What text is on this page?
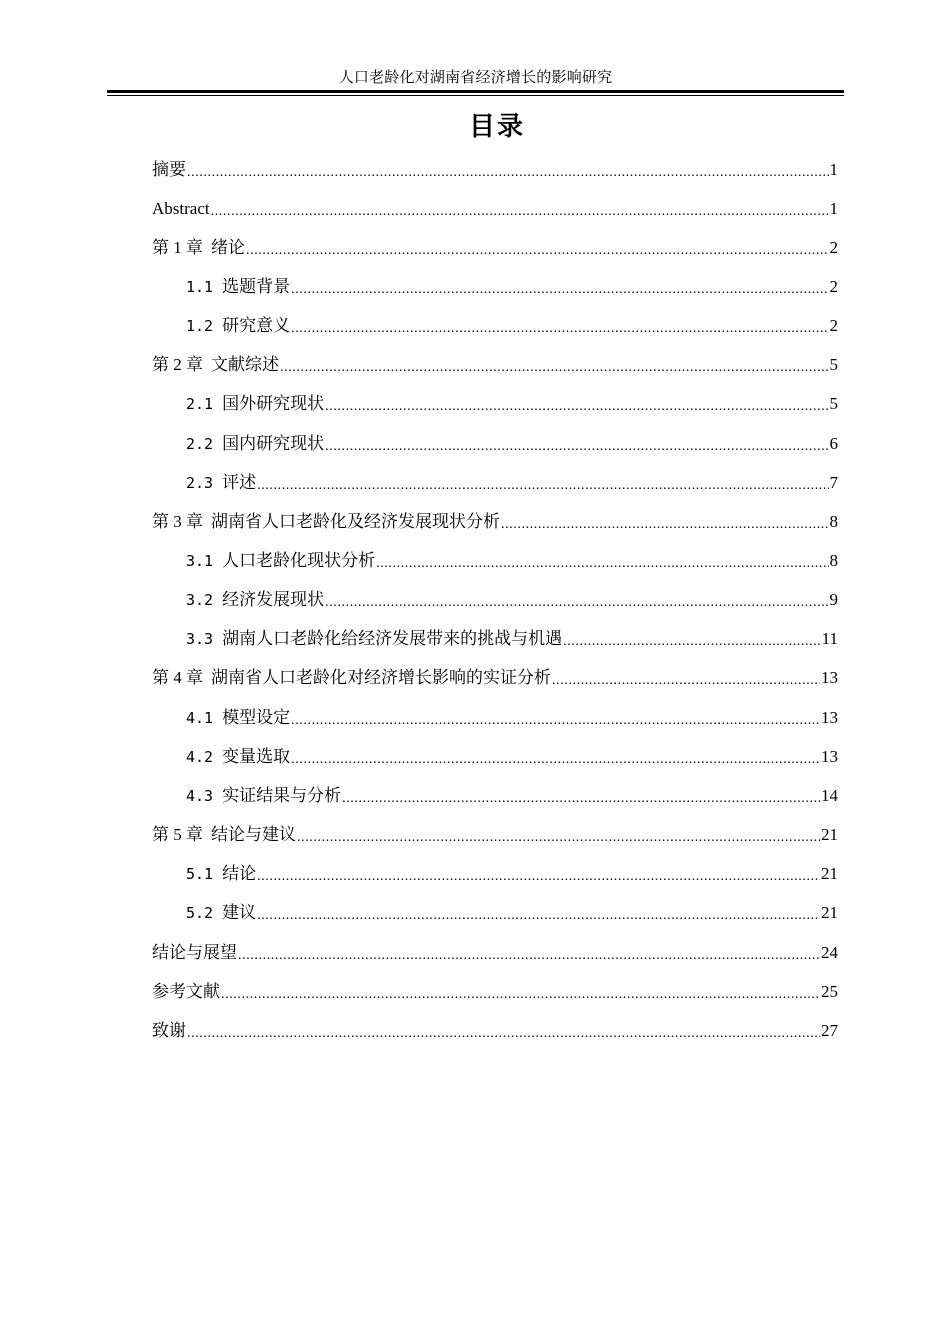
人口老龄化对湖南省经济增长的影响研究
目录
摘要 .....	1
Abstract .....	1
第 1 章 绪论 .....	2
1.1 选题背景 .....	2
1.2 研究意义 .....	2
第 2 章 文献综述 .....	5
2.1 国外研究现状 .....	5
2.2 国内研究现状 .....	6
2.3 评述 .....	7
第 3 章 湖南省人口老龄化及经济发展现状分析 .....	8
3.1 人口老龄化现状分析 .....	8
3.2 经济发展现状 .....	9
3.3 湖南人口老龄化给经济发展带来的挑战与机遇 .....	11
第 4 章 湖南省人口老龄化对经济增长影响的实证分析 .....	13
4.1 模型设定 .....	13
4.2 变量选取 .....	13
4.3 实证结果与分析 .....	14
第 5 章 结论与建议 .....	21
5.1 结论 .....	21
5.2 建议 .....	21
结论与展望 .....	24
参考文献 .....	25
致谢 .....	27
